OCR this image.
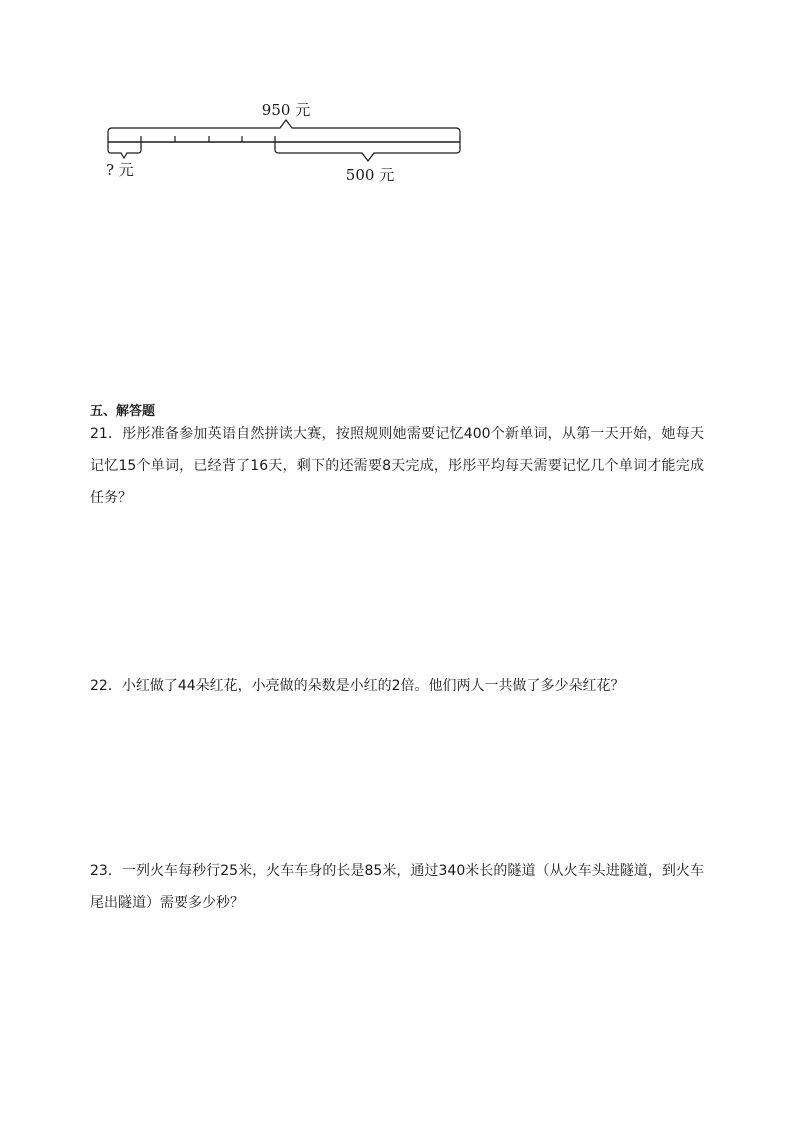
950 元
? 元	500 元
五、解答题

21．彤彤准备参加英语自然拼读大赛，按照规则她需要记忆400个新单词，从第一天开始，她每天记忆15个单词，已经背了16天，剩下的还需要8天完成，彤彤平均每天需要记忆几个单词才能完成任务？

22．小红做了44朵红花，小亮做的朵数是小红的2倍。他们两人一共做了多少朵红花？

23．一列火车每秒行25米，火车车身的长是85米，通过340米长的隧道（从火车头进隧道，到火车尾出隧道）需要多少秒？
